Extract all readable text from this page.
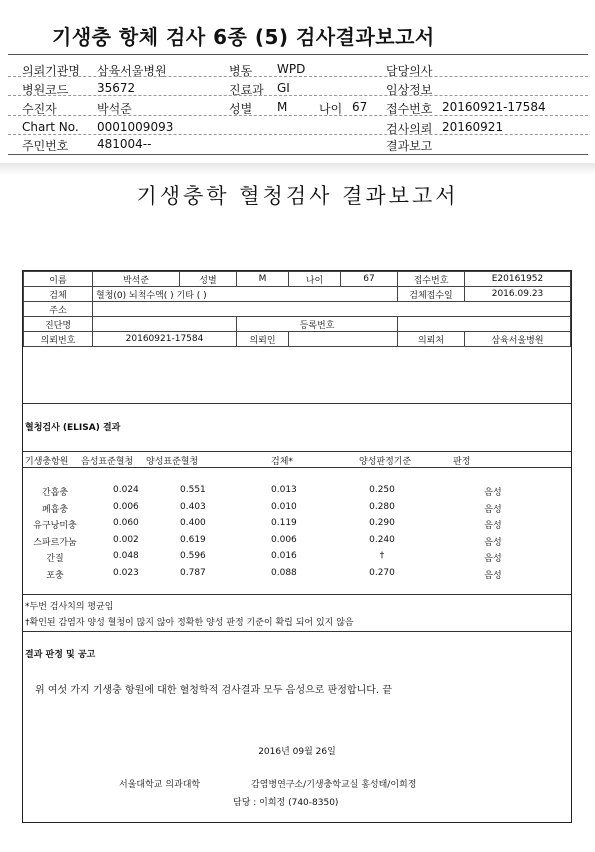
기생충 항체 검사 6종 (5) 검사결과보고서
의뢰기관명 삼육서울병원	병동 WPD	담당의사
병원코드 35672	진료과 GI	임상정보
수진자	박석준	성별 M	나이 67 접수번호 20160921-17584
Chart No. 0001009093	검사의뢰 20160921
주민번호 481004--	결과보고
기생충학 혈청검사 결과보고서
이름	박석준	성별	M	나이	67	접수번호	E20161952
검체	혈청(0) 뇌척수액( ) 기타 ( )					검체접수일	2016.09.23
주소							
진단명			등록번호				
의뢰번호	20160921-17584		의뢰인			의뢰처	삼육서울병원
혈청검사 (ELISA) 결과
기생충항원 음성표준혈청 양성표준혈청	검체*	양성판정기준	판정
간흡충	0.024	0.551	0.013	0.250	음성
폐흡충	0.006	0.403	0.010	0.280	음성
유구낭미충	0.060	0.400	0.119	0.290	음성
스파르가눔	0.002	0.619	0.006	0.240	음성
간질	0.048	0.596	0.016	†	음성
포충	0.023	0.787	0.088	0.270	음성
*두번 검사치의 평균임
†확인된 감염자 양성 혈청이 많지 않아 정확한 양성 판정 기준이 확립 되어 있지 않음
결과 판정 및 공고
위 여섯 가지 기생충 항원에 대한 혈청학적 검사결과 모두 음성으로 판정합니다. 끝
2016년 09월 26일
서울대학교 의과대학	감염병연구소/기생충학교실 홍성태/이희정
담당 : 이희정 (740-8350)
